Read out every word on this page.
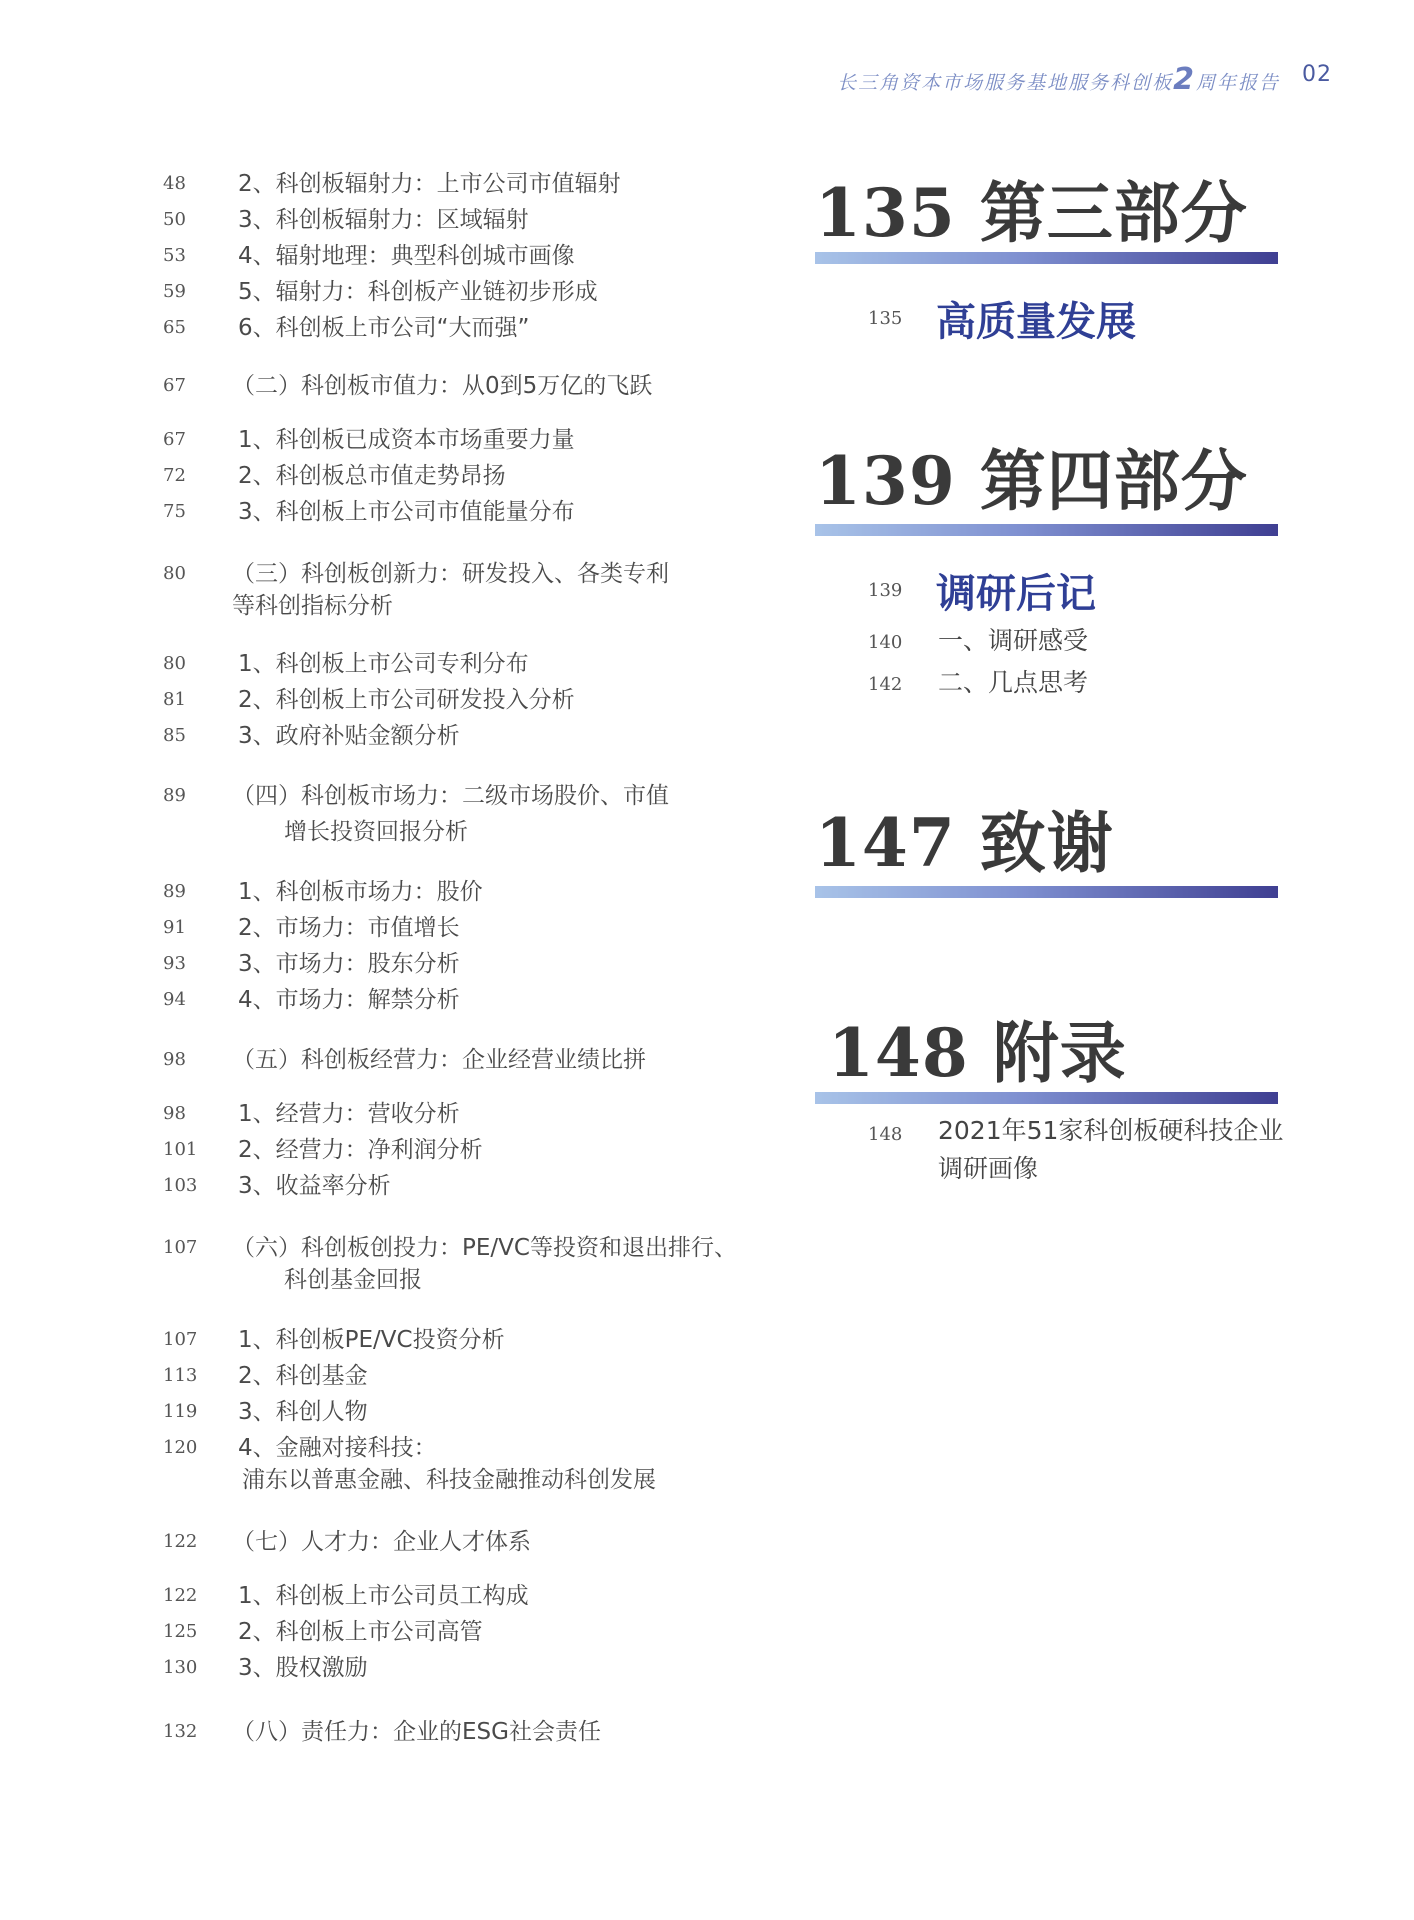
长三角资本市场服务基地服务科创板2周年报告 02
48 2、科创板辐射力：上市公司市值辐射
50 3、科创板辐射力：区域辐射
53 4、辐射地理：典型科创城市画像
59 5、辐射力：科创板产业链初步形成
65 6、科创板上市公司“大而强”
67 （二）科创板市值力：从0到5万亿的飞跃
67 1、科创板已成资本市场重要力量
72 2、科创板总市值走势昂扬
75 3、科创板上市公司市值能量分布
80 （三）科创板创新力：研发投入、各类专利
等科创指标分析
80 1、科创板上市公司专利分布
81 2、科创板上市公司研发投入分析
85 3、政府补贴金额分析
89 （四）科创板市场力：二级市场股价、市值
增长投资回报分析
89 1、科创板市场力：股价
91 2、市场力：市值增长
93 3、市场力：股东分析
94 4、市场力：解禁分析
98 （五）科创板经营力：企业经营业绩比拼
98 1、经营力：营收分析
101 2、经营力：净利润分析
103 3、收益率分析
107 （六）科创板创投力：PE/VC等投资和退出排行、
科创基金回报
107 1、科创板PE/VC投资分析
113 2、科创基金
119 3、科创人物
120 4、金融对接科技：
浦东以普惠金融、科技金融推动科创发展
122 （七）人才力：企业人才体系
122 1、科创板上市公司员工构成
125 2、科创板上市公司高管
130 3、股权激励
132 （八）责任力：企业的ESG社会责任
135 第三部分
135 高质量发展
139 第四部分
139 调研后记
140 一、调研感受
142 二、几点思考
147 致谢
148 附录
148 2021年51家科创板硬科技企业
调研画像
